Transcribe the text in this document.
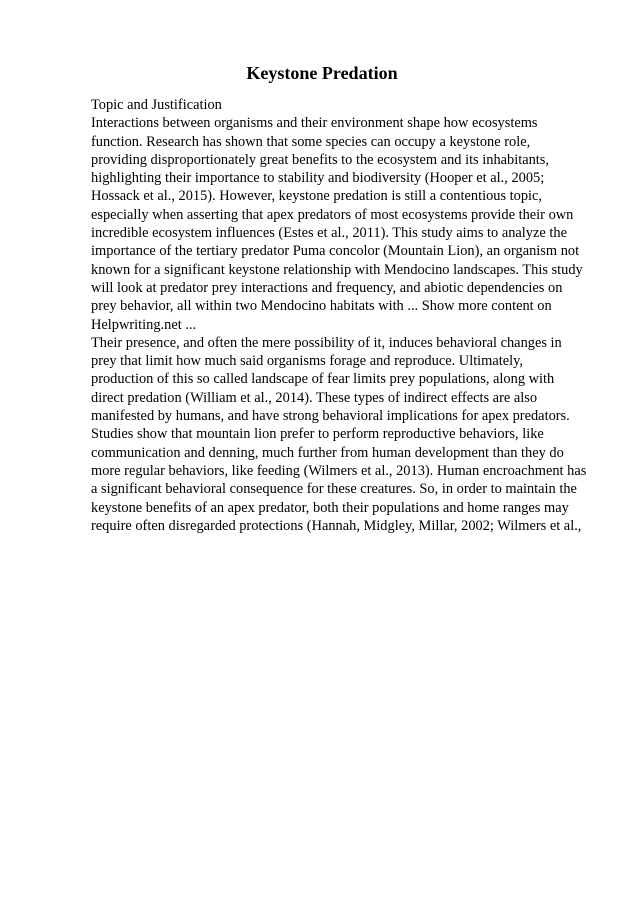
Keystone Predation
Topic and Justification
Interactions between organisms and their environment shape how ecosystems
function. Research has shown that some species can occupy a keystone role,
providing disproportionately great benefits to the ecosystem and its inhabitants,
highlighting their importance to stability and biodiversity (Hooper et al., 2005;
Hossack et al., 2015). However, keystone predation is still a contentious topic,
especially when asserting that apex predators of most ecosystems provide their own
incredible ecosystem influences (Estes et al., 2011). This study aims to analyze the
importance of the tertiary predator Puma concolor (Mountain Lion), an organism not
known for a significant keystone relationship with Mendocino landscapes. This study
will look at predator prey interactions and frequency, and abiotic dependencies on
prey behavior, all within two Mendocino habitats with ... Show more content on
Helpwriting.net ...
Their presence, and often the mere possibility of it, induces behavioral changes in
prey that limit how much said organisms forage and reproduce. Ultimately,
production of this so called landscape of fear limits prey populations, along with
direct predation (William et al., 2014). These types of indirect effects are also
manifested by humans, and have strong behavioral implications for apex predators.
Studies show that mountain lion prefer to perform reproductive behaviors, like
communication and denning, much further from human development than they do
more regular behaviors, like feeding (Wilmers et al., 2013). Human encroachment has
a significant behavioral consequence for these creatures. So, in order to maintain the
keystone benefits of an apex predator, both their populations and home ranges may
require often disregarded protections (Hannah, Midgley, Millar, 2002; Wilmers et al.,
